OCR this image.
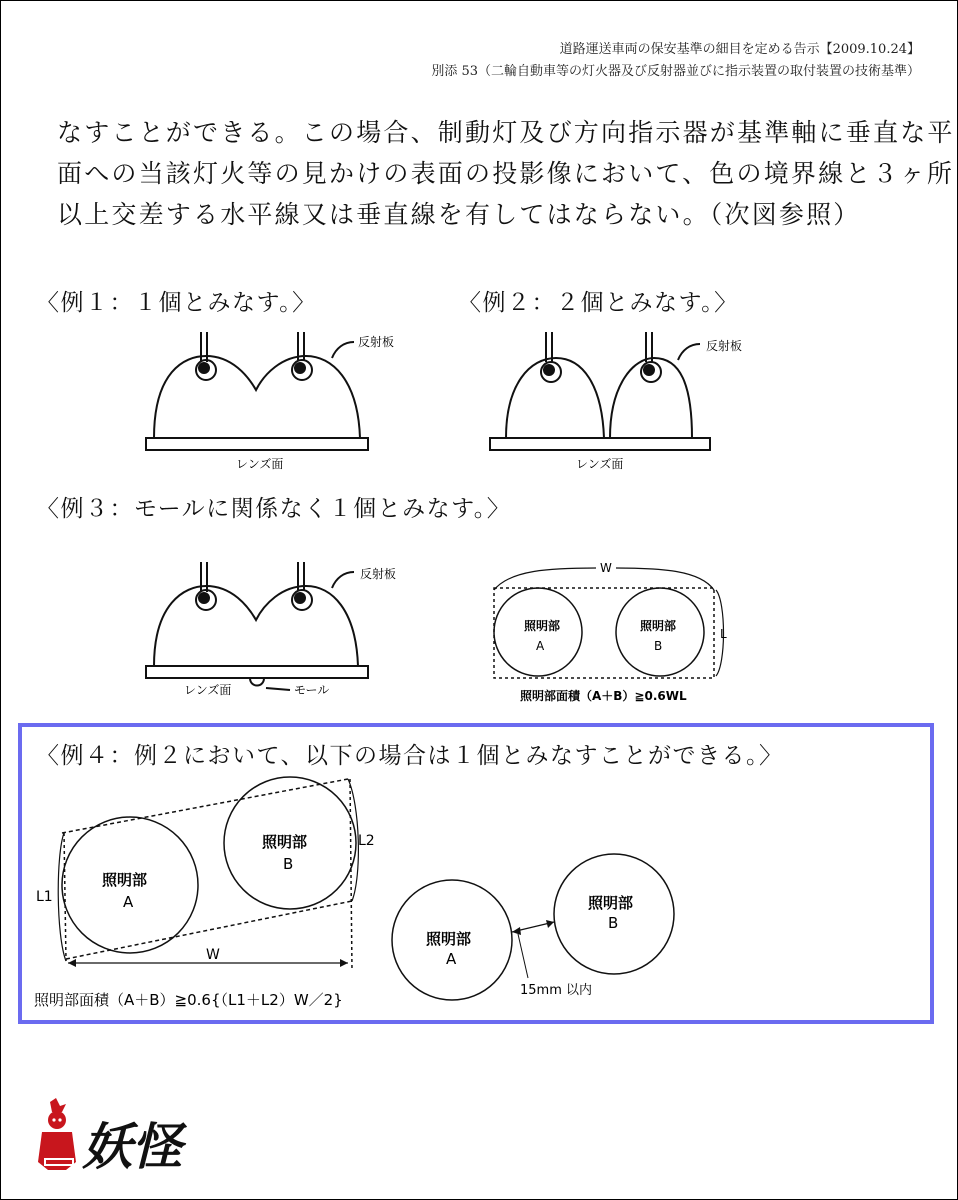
道路運送車両の保安基準の細目を定める告示【2009.10.24】
別添 53（二輪自動車等の灯火器及び反射器並びに指示装置の取付装置の技術基準）

なすことができる。この場合、制動灯及び方向指示器が基準軸に垂直な平

面への当該灯火等の見かけの表面の投影像において、色の境界線と３ヶ所

以上交差する水平線又は垂直線を有してはならない。（次図参照）

〈例１：１個とみなす。〉
反射板
レンズ面
〈例２：２個とみなす。〉
反射板
レンズ面
〈例３：モールに関係なく１個とみなす。〉
反射板
レンズ面	モール
W
L
照明部
A
照明部
B
照明部面積（A＋B）≧0.6WL
〈例４：例２において、以下の場合は１個とみなすことができる。〉
L1
L2
W
照明部
A
照明部
B
照明部面積（A＋B）≧0.6{（L1＋L2）W／2}
照明部
A
照明部
B
15mm 以内
妖怪
